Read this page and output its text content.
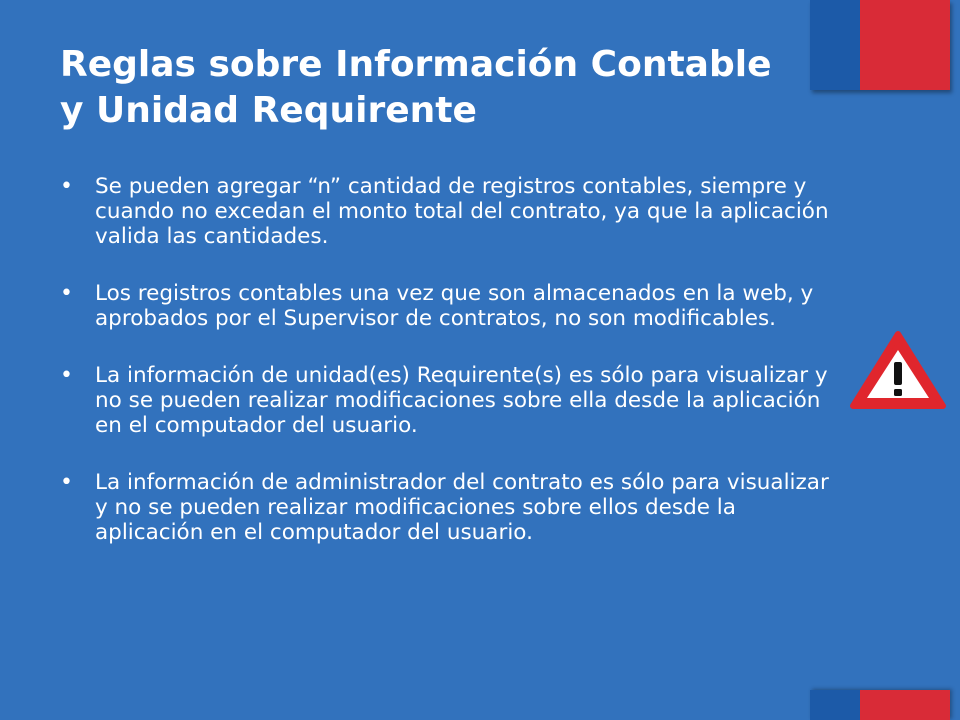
Reglas sobre Información Contable y Unidad Requirente
• Se pueden agregar “n” cantidad de registros contables, siempre y cuando no excedan el monto total del contrato, ya que la aplicación valida las cantidades.
• Los registros contables una vez que son almacenados en la web, y aprobados por el Supervisor de contratos, no son modificables.
• La información de unidad(es) Requirente(s) es sólo para visualizar y no se pueden realizar modificaciones sobre ella desde la aplicación en el computador del usuario.
• La información de administrador del contrato es sólo para visualizar y no se pueden realizar modificaciones sobre ellos desde la aplicación en el computador del usuario.
